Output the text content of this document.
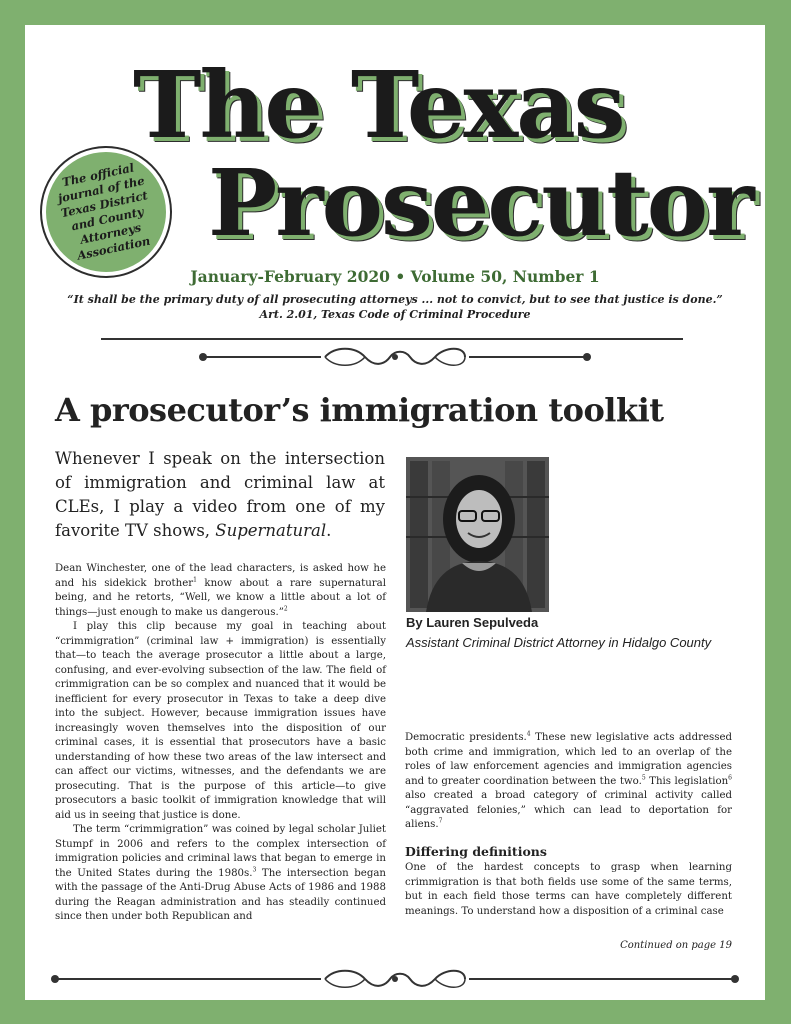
The Texas
Prosecutor
The official journal of the Texas District and County Attorneys Association
January-February 2020 • Volume 50, Number 1
“It shall be the primary duty of all prosecuting attorneys ... not to convict, but to see that justice is done.”
Art. 2.01, Texas Code of Criminal Procedure
A prosecutor’s immigration toolkit
Whenever I speak on the intersection of immigration and criminal law at CLEs, I play a video from one of my favorite TV shows, Supernatural.
By Lauren Sepulveda
Assistant Criminal District Attorney in Hidalgo County

Dean Winchester, one of the lead characters, is asked how he and his sidekick brother$^1$ know about a rare supernatural being, and he retorts, “Well, we know a little about a lot of things—just enough to make us dangerous.”$^2$

I play this clip because my goal in teaching about “crimmigration” (criminal law + immigration) is essentially that—to teach the average prosecutor a little about a large, confusing, and ever-evolving subsection of the law. The field of crimmigration can be so complex and nuanced that it would be inefficient for every prosecutor in Texas to take a deep dive into the subject. However, because immigration issues have increasingly woven themselves into the disposition of our criminal cases, it is essential that prosecutors have a basic understanding of how these two areas of the law intersect and can affect our victims, witnesses, and the defendants we are prosecuting. That is the purpose of this article—to give prosecutors a basic toolkit of immigration knowledge that will aid us in seeing that justice is done.

The term “crimmigration” was coined by legal scholar Juliet Stumpf in 2006 and refers to the complex intersection of immigration policies and criminal laws that began to emerge in the United States during the 1980s.$^3$ The intersection began with the passage of the Anti-Drug Abuse Acts of 1986 and 1988 during the Reagan administration and has steadily continued since then under both Republican and

Democratic presidents.$^4$ These new legislative acts addressed both crime and immigration, which led to an overlap of the roles of law enforcement agencies and immigration agencies and to greater coordination between the two.$^5$ This legislation$^6$ also created a broad category of criminal activity called “aggravated felonies,” which can lead to deportation for aliens.$^7$

Differing definitions

One of the hardest concepts to grasp when learning crimmigration is that both fields use some of the same terms, but in each field those terms can have completely different meanings. To understand how a disposition of a criminal case

Continued on page 19
